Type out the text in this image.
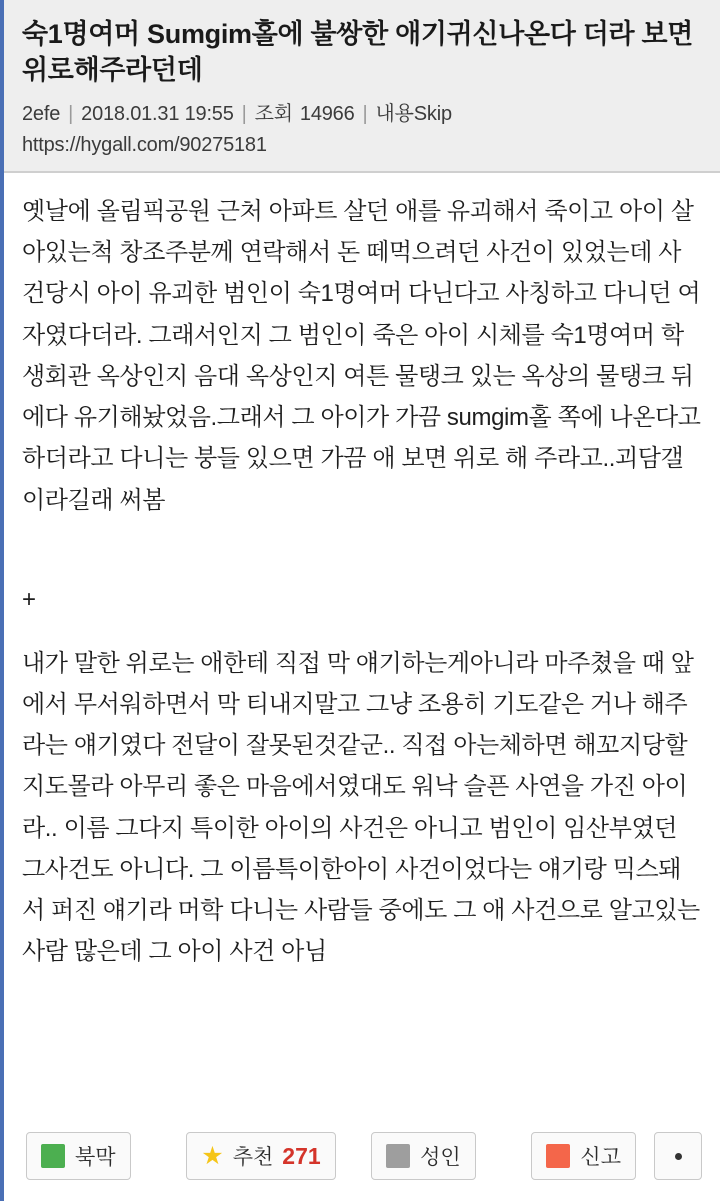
숙1명여머 Sumgim홀에 불쌍한 애기귀신나온다 더라 보면 위로해주라던데
2efe | 2018.01.31 19:55 | 조회 14966 | 내용Skip
https://hygall.com/90275181

옛날에 올림픽공원 근처 아파트 살던 애를 유괴해서 죽이고 아이 살아있는척 창조주분께 연락해서 돈 떼먹으려던 사건이 있었는데 사건당시 아이 유괴한 범인이 숙1명여머 다닌다고 사칭하고 다니던 여자였다더라. 그래서인지 그 범인이 죽은 아이 시체를 숙1명여머 학생회관 옥상인지 음대 옥상인지 여튼 물탱크 있는 옥상의 물탱크 뒤에다 유기해놨었음.그래서 그 아이가 가끔 sumgim홀 쪽에 나온다고 하더라고 다니는 붕들 있으면 가끔 애 보면 위로 해 주라고..괴담갤이라길래 써봄

+

내가 말한 위로는 애한테 직접 막 얘기하는게아니라 마주쳤을 때 앞에서 무서워하면서 막 티내지말고 그냥 조용히 기도같은 거나 해주라는 얘기였다 전달이 잘못된것같군.. 직접 아는체하면 해꼬지당할지도몰라 아무리 좋은 마음에서였대도 워낙 슬픈 사연을 가진 아이라.. 이름 그다지 특이한 아이의 사건은 아니고 범인이 임산부였던 그사건도 아니다. 그 이름특이한아이 사건이었다는 얘기랑 믹스돼서 퍼진 얘기라 머학 다니는 사람들 중에도 그 애 사건으로 알고있는 사람 많은데 그 아이 사건 아님

북막	★ 추천 271	성인	신고
